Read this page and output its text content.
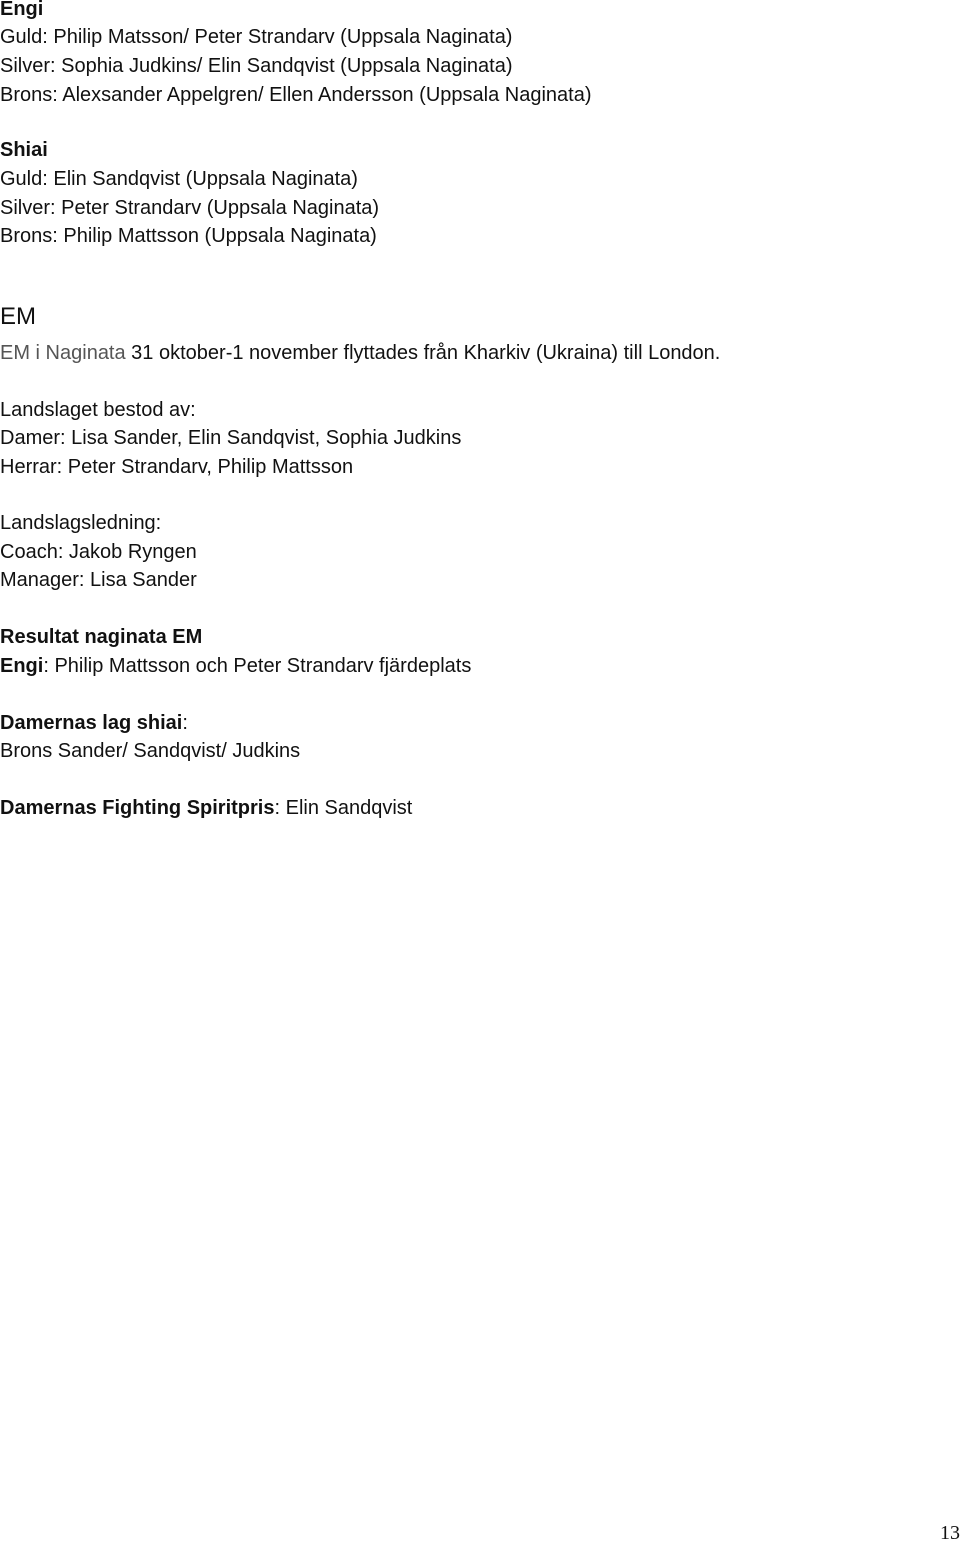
Engi

Guld: Philip Matsson/ Peter Strandarv (Uppsala Naginata)

Silver: Sophia Judkins/ Elin Sandqvist (Uppsala Naginata)

Brons: Alexsander Appelgren/ Ellen Andersson (Uppsala Naginata)

Shiai

Guld: Elin Sandqvist (Uppsala Naginata)

Silver: Peter Strandarv (Uppsala Naginata)

Brons: Philip Mattsson (Uppsala Naginata)

EM

EM i Naginata 31 oktober-1 november flyttades från Kharkiv (Ukraina) till London.

Landslaget bestod av:

Damer: Lisa Sander, Elin Sandqvist, Sophia Judkins

Herrar: Peter Strandarv, Philip Mattsson

Landslagsledning:

Coach: Jakob Ryngen

Manager: Lisa Sander

Resultat naginata EM

Engi: Philip Mattsson och Peter Strandarv fjärdeplats

Damernas lag shiai:

Brons Sander/ Sandqvist/ Judkins

Damernas Fighting Spiritpris: Elin Sandqvist

13
